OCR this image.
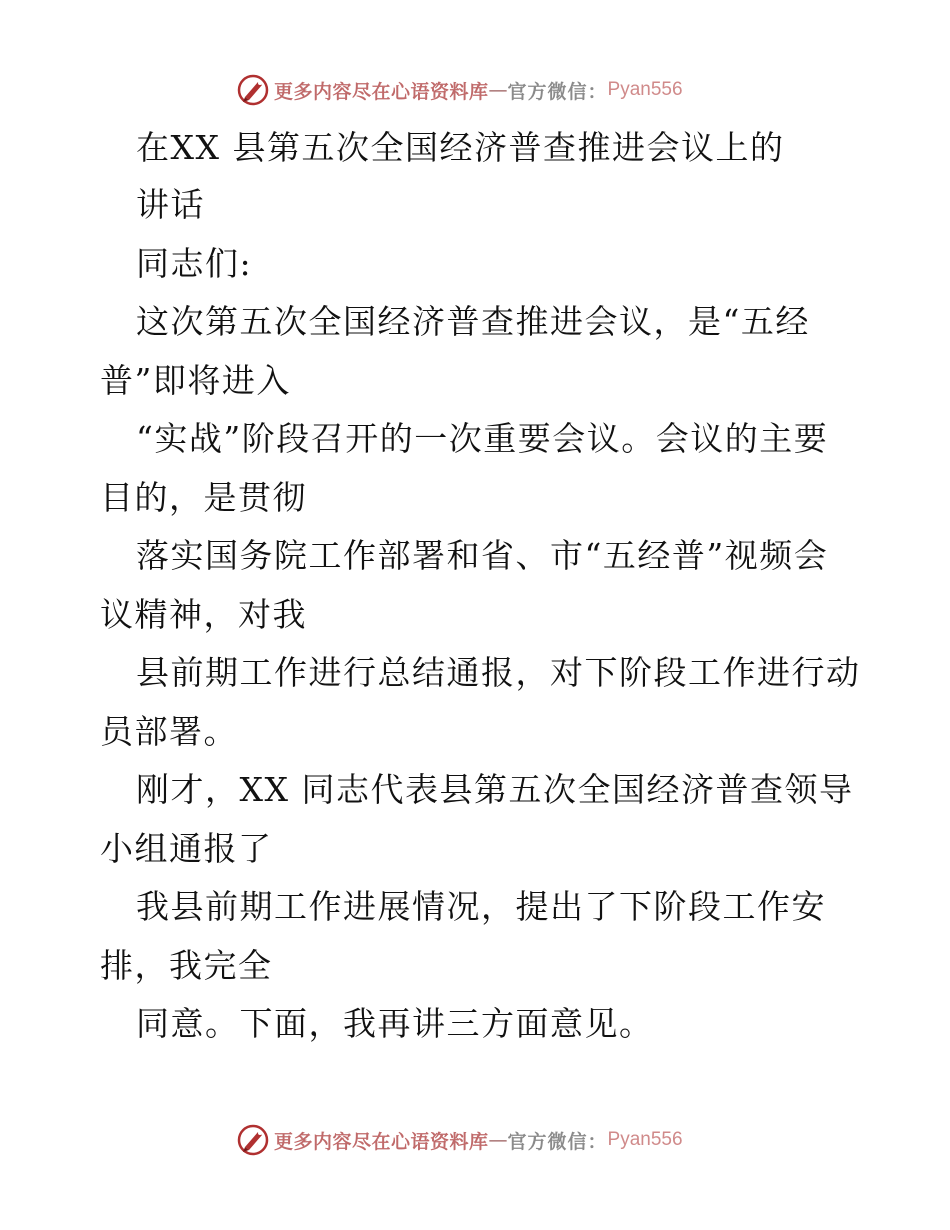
更多内容尽在心语资料库 — 官方微信： Pyan556
在XX 县第五次全国经济普查推进会议上的
讲话
同志们:
这次第五次全国经济普查推进会议，是“五经
普”即将进入
“实战”阶段召开的一次重要会议。会议的主要
目的，是贯彻
落实国务院工作部署和省、市“五经普”视频会
议精神，对我
县前期工作进行总结通报，对下阶段工作进行动
员部署。
刚才，XX 同志代表县第五次全国经济普查领导
小组通报了
我县前期工作进展情况，提出了下阶段工作安
排，我完全
同意。下面，我再讲三方面意见。
更多内容尽在心语资料库 — 官方微信： Pyan556
